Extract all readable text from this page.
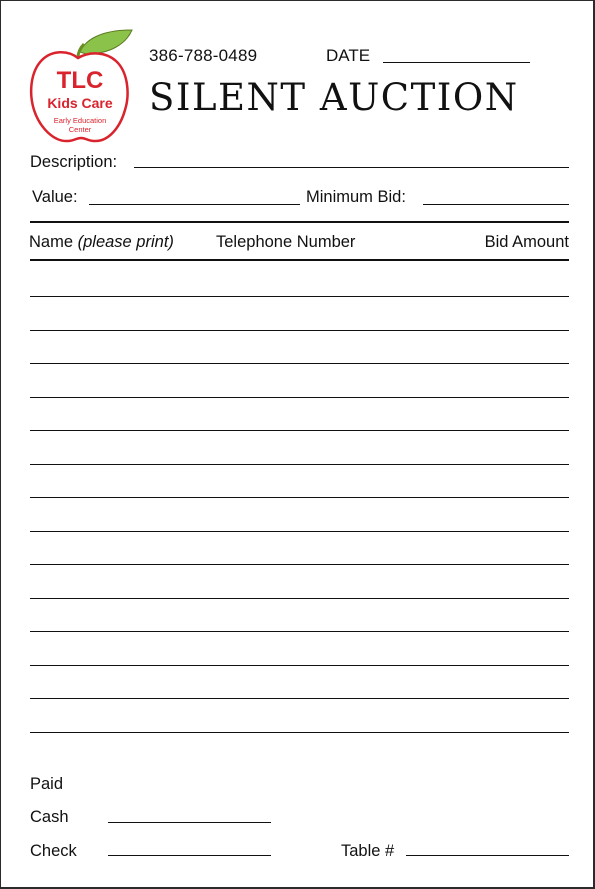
TLC
Kids Care
Early Education
Center
386-788-0489	DATE
SILENT AUCTION
Description:
Value:	Minimum Bid:
Name (please print)	Telephone Number	Bid Amount
Paid
Cash
Check	Table #
